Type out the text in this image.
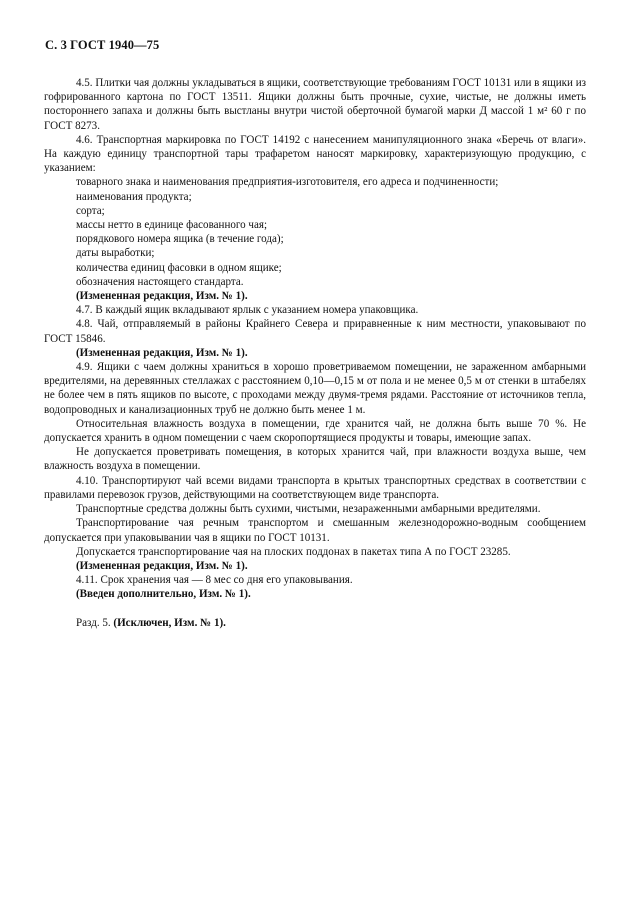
С. 3 ГОСТ 1940—75

4.5. Плитки чая должны укладываться в ящики, соответствующие требованиям ГОСТ 10131 или в ящики из гофрированного картона по ГОСТ 13511. Ящики должны быть прочные, сухие, чистые, не должны иметь постороннего запаха и должны быть выстланы внутри чистой оберточной бумагой марки Д массой 1 м² 60 г по ГОСТ 8273.

4.6. Транспортная маркировка по ГОСТ 14192 с нанесением манипуляционного знака «Беречь от влаги». На каждую единицу транспортной тары трафаретом наносят маркировку, характеризующую продукцию, с указанием:

товарного знака и наименования предприятия-изготовителя, его адреса и подчиненности;

наименования продукта;

сорта;

массы нетто в единице фасованного чая;

порядкового номера ящика (в течение года);

даты выработки;

количества единиц фасовки в одном ящике;

обозначения настоящего стандарта.

(Измененная редакция, Изм. № 1).

4.7. В каждый ящик вкладывают ярлык с указанием номера упаковщика.

4.8. Чай, отправляемый в районы Крайнего Севера и приравненные к ним местности, упаковывают по ГОСТ 15846.

(Измененная редакция, Изм. № 1).

4.9. Ящики с чаем должны храниться в хорошо проветриваемом помещении, не зараженном амбарными вредителями, на деревянных стеллажах с расстоянием 0,10—0,15 м от пола и не менее 0,5 м от стенки в штабелях не более чем в пять ящиков по высоте, с проходами между двумя-тремя рядами. Расстояние от источников тепла, водопроводных и канализационных труб не должно быть менее 1 м.

Относительная влажность воздуха в помещении, где хранится чай, не должна быть выше 70 %. Не допускается хранить в одном помещении с чаем скоропортящиеся продукты и товары, имеющие запах.

Не допускается проветривать помещения, в которых хранится чай, при влажности воздуха выше, чем влажность воздуха в помещении.

4.10. Транспортируют чай всеми видами транспорта в крытых транспортных средствах в соответствии с правилами перевозок грузов, действующими на соответствующем виде транспорта.

Транспортные средства должны быть сухими, чистыми, незараженными амбарными вредителями.

Транспортирование чая речным транспортом и смешанным железнодорожно-водным сообщением допускается при упаковывании чая в ящики по ГОСТ 10131.

Допускается транспортирование чая на плоских поддонах в пакетах типа А по ГОСТ 23285.

(Измененная редакция, Изм. № 1).

4.11. Срок хранения чая — 8 мес со дня его упаковывания.

(Введен дополнительно, Изм. № 1).

Разд. 5. (Исключен, Изм. № 1).
